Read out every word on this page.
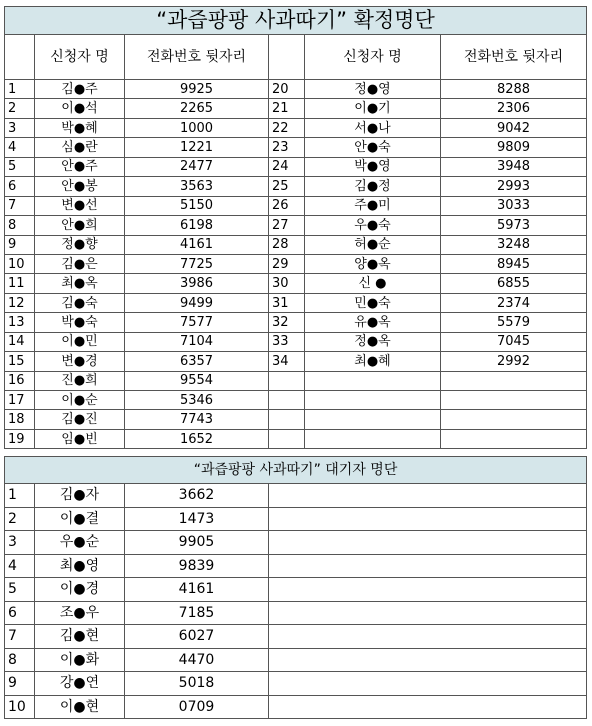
“과즙팡팡 사과따기” 확정명단					
	신청자 명	전화번호 뒷자리		신청자 명	전화번호 뒷자리
1	김●주	9925	20	정●영	8288
2	이●석	2265	21	이●기	2306
3	박●혜	1000	22	서●나	9042
4	심●란	1221	23	안●숙	9809
5	안●주	2477	24	박●영	3948
6	안●봉	3563	25	김●정	2993
7	변●선	5150	26	주●미	3033
8	안●희	6198	27	우●숙	5973
9	정●향	4161	28	허●순	3248
10	김●은	7725	29	양●옥	8945
11	최●옥	3986	30	신 ●	6855
12	김●숙	9499	31	민●숙	2374
13	박●숙	7577	32	유●옥	5579
14	이●민	7104	33	정●옥	7045
15	변●경	6357	34	최●혜	2992
16	진●희	9554			
17	이●순	5346			
18	김●진	7743			
19	임●빈	1652			
“과즙팡팡 사과따기” 대기자 명단			
1	김●자	3662	
2	이●결	1473	
3	우●순	9905	
4	최●영	9839	
5	이●경	4161	
6	조●우	7185	
7	김●현	6027	
8	이●화	4470	
9	강●연	5018	
10	이●현	0709	
